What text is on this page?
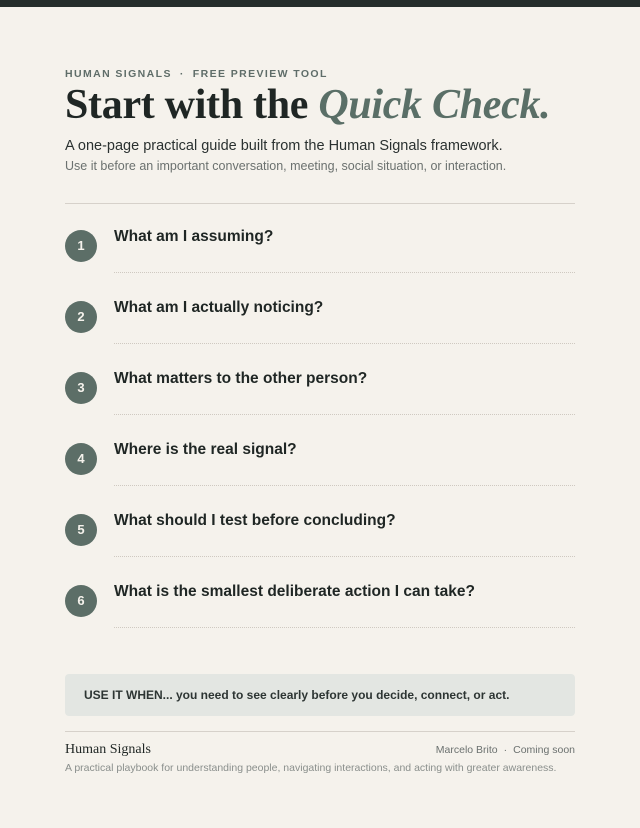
HUMAN SIGNALS · FREE PREVIEW TOOL
Start with the Quick Check.

A one-page practical guide built from the Human Signals framework.

Use it before an important conversation, meeting, social situation, or interaction.

1
What am I assuming?
2
What am I actually noticing?
3
What matters to the other person?
4
Where is the real signal?
5
What should I test before concluding?
6
What is the smallest deliberate action I can take?
USE IT WHEN... you need to see clearly before you decide, connect, or act.
Human Signals	Marcelo Brito · Coming soon
A practical playbook for understanding people, navigating interactions, and acting with greater awareness.
